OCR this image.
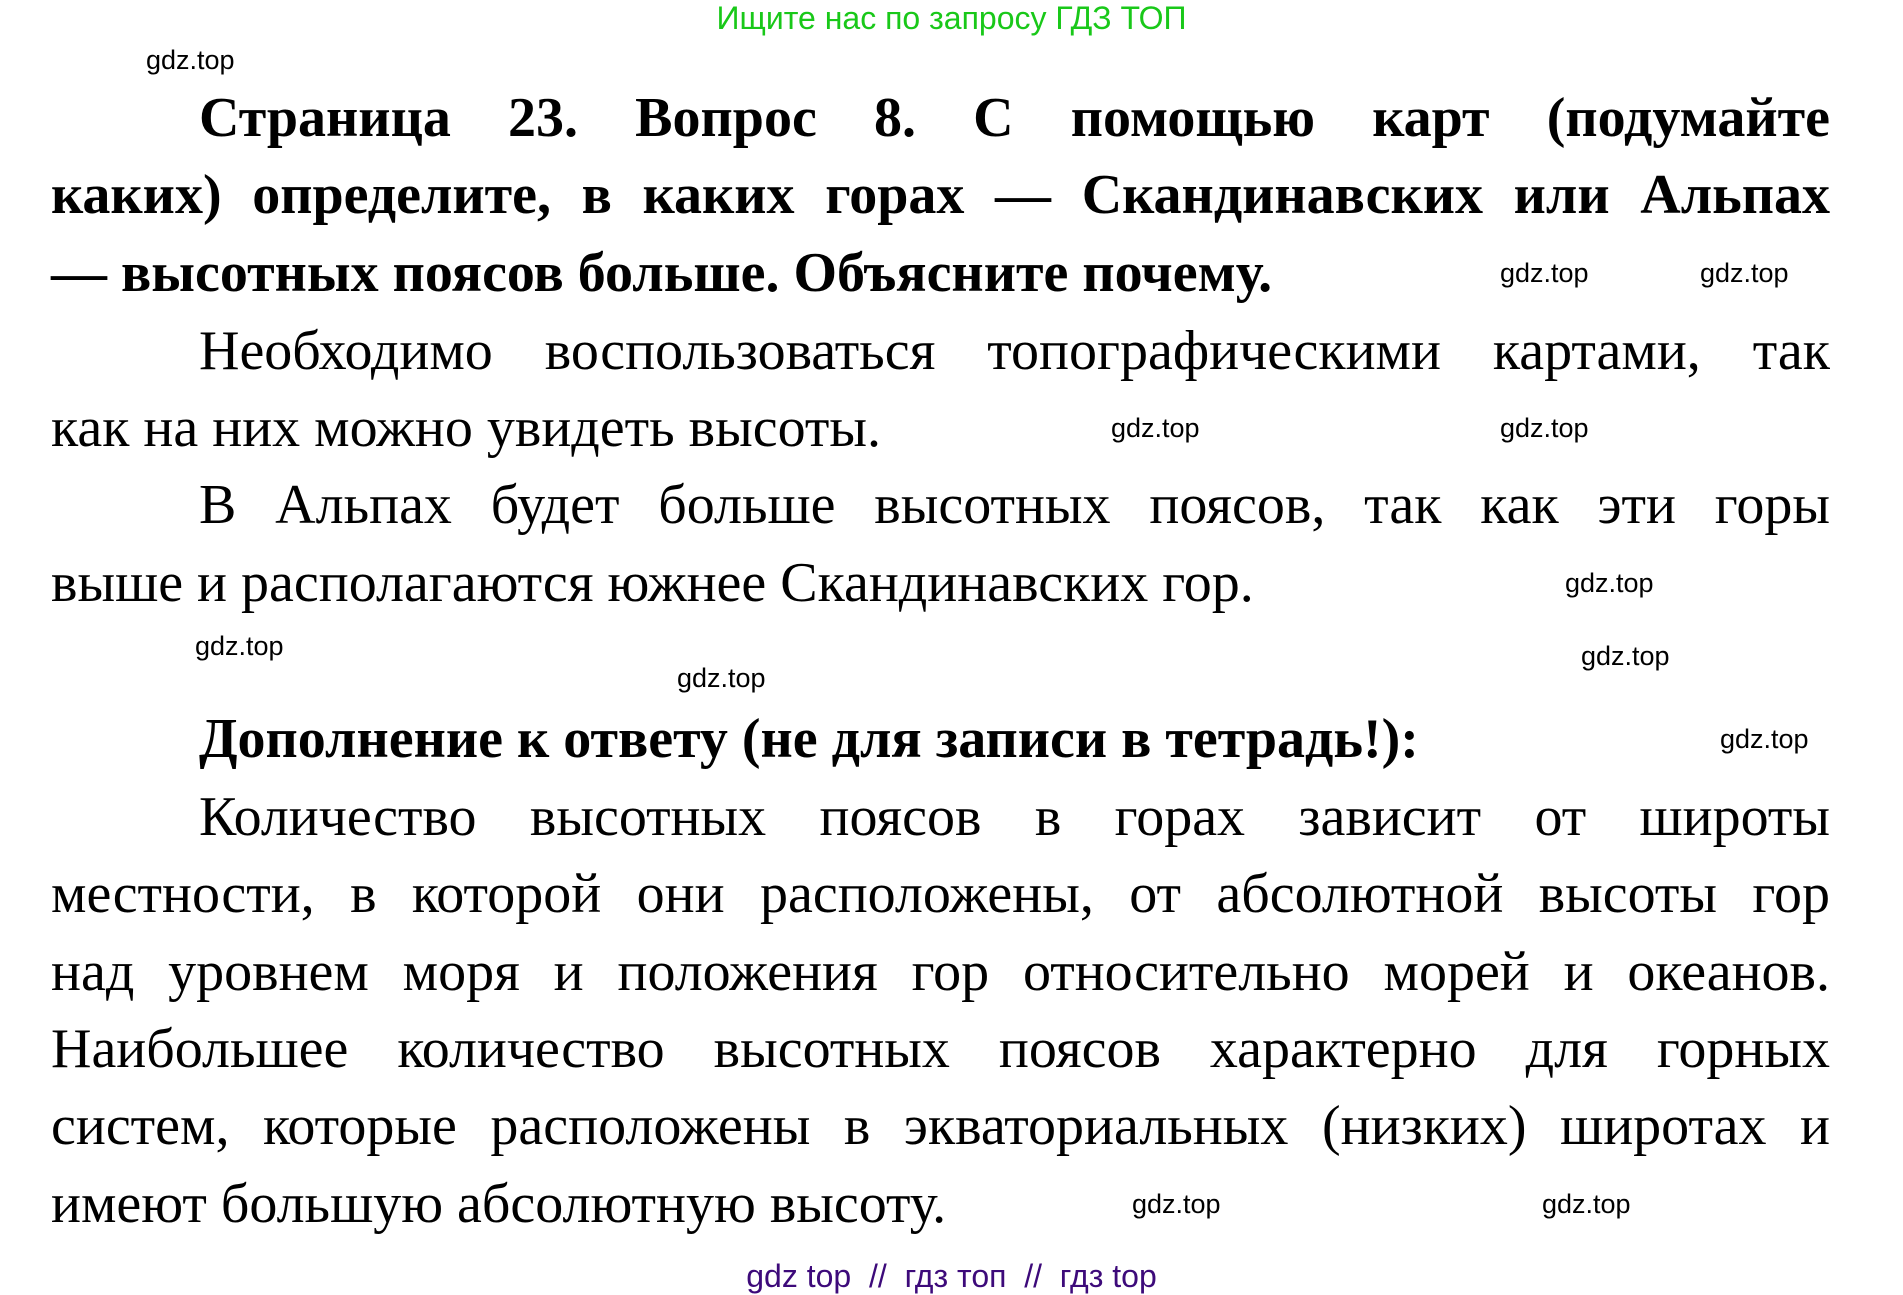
Ищите нас по запросу ГДЗ ТОП
Страница 23. Вопрос 8. С помощью карт (подумайте
каких) определите, в каких горах — Скандинавских или Альпах
— высотных поясов больше. Объясните почему.
Необходимо воспользоваться топографическими картами, так
как на них можно увидеть высоты.
В Альпах будет больше высотных поясов, так как эти горы
выше и располагаются южнее Скандинавских гор.
Дополнение к ответу (не для записи в тетрадь!):
Количество высотных поясов в горах зависит от широты
местности, в которой они расположены, от абсолютной высоты гор
над уровнем моря и положения гор относительно морей и океанов.
Наибольшее количество высотных поясов характерно для горных
систем, которые расположены в экваториальных (низких) широтах и
имеют большую абсолютную высоту.
gdz.top
gdz.top	gdz.top
gdz.top	gdz.top
gdz.top
gdz.top
gdz.top
gdz.top
gdz.top
gdz.top	gdz.top
gdz top  //  гдз топ  //  гдз top
